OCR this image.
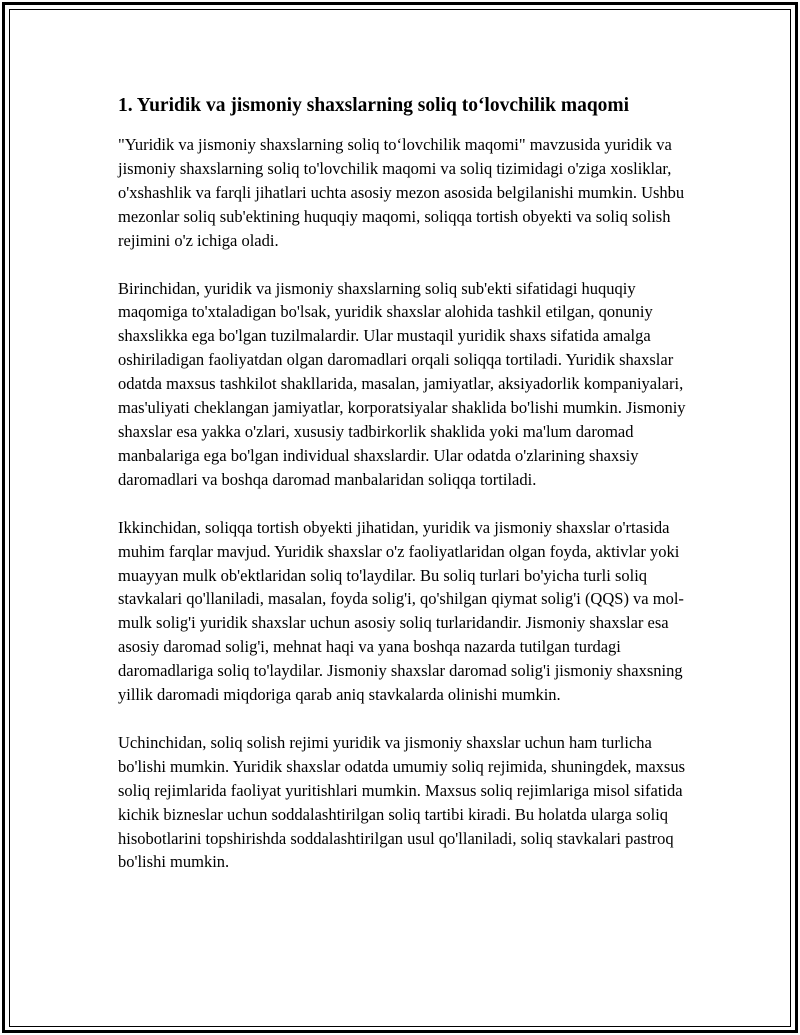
1. Yuridik va jismoniy shaxslarning soliq to‘lovchilik maqomi

"Yuridik va jismoniy shaxslarning soliq to‘lovchilik maqomi" mavzusida yuridik va jismoniy shaxslarning soliq to'lovchilik maqomi va soliq tizimidagi o'ziga xosliklar, o'xshashlik va farqli jihatlari uchta asosiy mezon asosida belgilanishi mumkin. Ushbu mezonlar soliq sub'ektining huquqiy maqomi, soliqqa tortish obyekti va soliq solish rejimini o'z ichiga oladi.

Birinchidan, yuridik va jismoniy shaxslarning soliq sub'ekti sifatidagi huquqiy maqomiga to'xtaladigan bo'lsak, yuridik shaxslar alohida tashkil etilgan, qonuniy shaxslikka ega bo'lgan tuzilmalardir. Ular mustaqil yuridik shaxs sifatida amalga oshiriladigan faoliyatdan olgan daromadlari orqali soliqqa tortiladi. Yuridik shaxslar odatda maxsus tashkilot shakllarida, masalan, jamiyatlar, aksiyadorlik kompaniyalari, mas'uliyati cheklangan jamiyatlar, korporatsiyalar shaklida bo'lishi mumkin. Jismoniy shaxslar esa yakka o'zlari, xususiy tadbirkorlik shaklida yoki ma'lum daromad manbalariga ega bo'lgan individual shaxslardir. Ular odatda o'zlarining shaxsiy daromadlari va boshqa daromad manbalaridan soliqqa tortiladi.

Ikkinchidan, soliqqa tortish obyekti jihatidan, yuridik va jismoniy shaxslar o'rtasida muhim farqlar mavjud. Yuridik shaxslar o'z faoliyatlaridan olgan foyda, aktivlar yoki muayyan mulk ob'ektlaridan soliq to'laydilar. Bu soliq turlari bo'yicha turli soliq stavkalari qo'llaniladi, masalan, foyda solig'i, qo'shilgan qiymat solig'i (QQS) va mol-mulk solig'i yuridik shaxslar uchun asosiy soliq turlaridandir. Jismoniy shaxslar esa asosiy daromad solig'i, mehnat haqi va yana boshqa nazarda tutilgan turdagi daromadlariga soliq to'laydilar. Jismoniy shaxslar daromad solig'i jismoniy shaxsning yillik daromadi miqdoriga qarab aniq stavkalarda olinishi mumkin.

Uchinchidan, soliq solish rejimi yuridik va jismoniy shaxslar uchun ham turlicha bo'lishi mumkin. Yuridik shaxslar odatda umumiy soliq rejimida, shuningdek, maxsus soliq rejimlarida faoliyat yuritishlari mumkin. Maxsus soliq rejimlariga misol sifatida kichik biznеslar uchun soddalashtirilgan soliq tartibi kiradi. Bu holatda ularga soliq hisobotlarini topshirishda soddalashtirilgan usul qo'llaniladi, soliq stavkalari pastroq bo'lishi mumkin.
